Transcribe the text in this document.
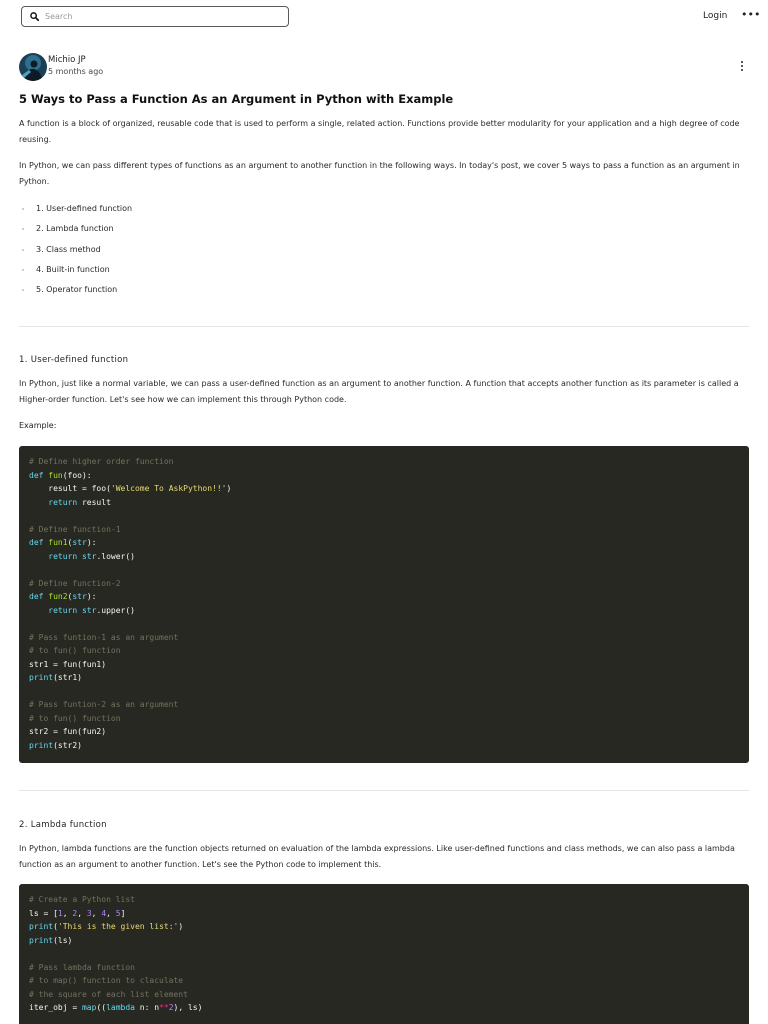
Search
Login •••
Michio JP
5 months ago
5 Ways to Pass a Function As an Argument in Python with Example

A function is a block of organized, reusable code that is used to perform a single, related action. Functions provide better modularity for your application and a high degree of code reusing.

In Python, we can pass different types of functions as an argument to another function in the following ways. In today's post, we cover 5 ways to pass a function as an argument in Python.

1. User-defined function
2. Lambda function
3. Class method
4. Built-in function
5. Operator function
1. User-defined function

In Python, just like a normal variable, we can pass a user-defined function as an argument to another function. A function that accepts another function as its parameter is called a Higher-order function. Let's see how we can implement this through Python code.

Example:
# Define higher order function
def fun(foo):
result = foo('Welcome To AskPython!!')
return result

# Define function-1
def fun1(str):
return str.lower()

# Define function-2
def fun2(str):
return str.upper()

# Pass funtion-1 as an argument
# to fun() function
str1 = fun(fun1)
print(str1)

# Pass funtion-2 as an argument
# to fun() function
str2 = fun(fun2)
print(str2)
2. Lambda function

In Python, lambda functions are the function objects returned on evaluation of the lambda expressions. Like user-defined functions and class methods, we can also pass a lambda function as an argument to another function. Let's see the Python code to implement this.

# Create a Python list
ls = [1, 2, 3, 4, 5]
print('This is the given list:')
print(ls)

# Pass lambda function
# to map() function to claculate
# the square of each list element
iter_obj = map((lambda n: n**2), ls)
